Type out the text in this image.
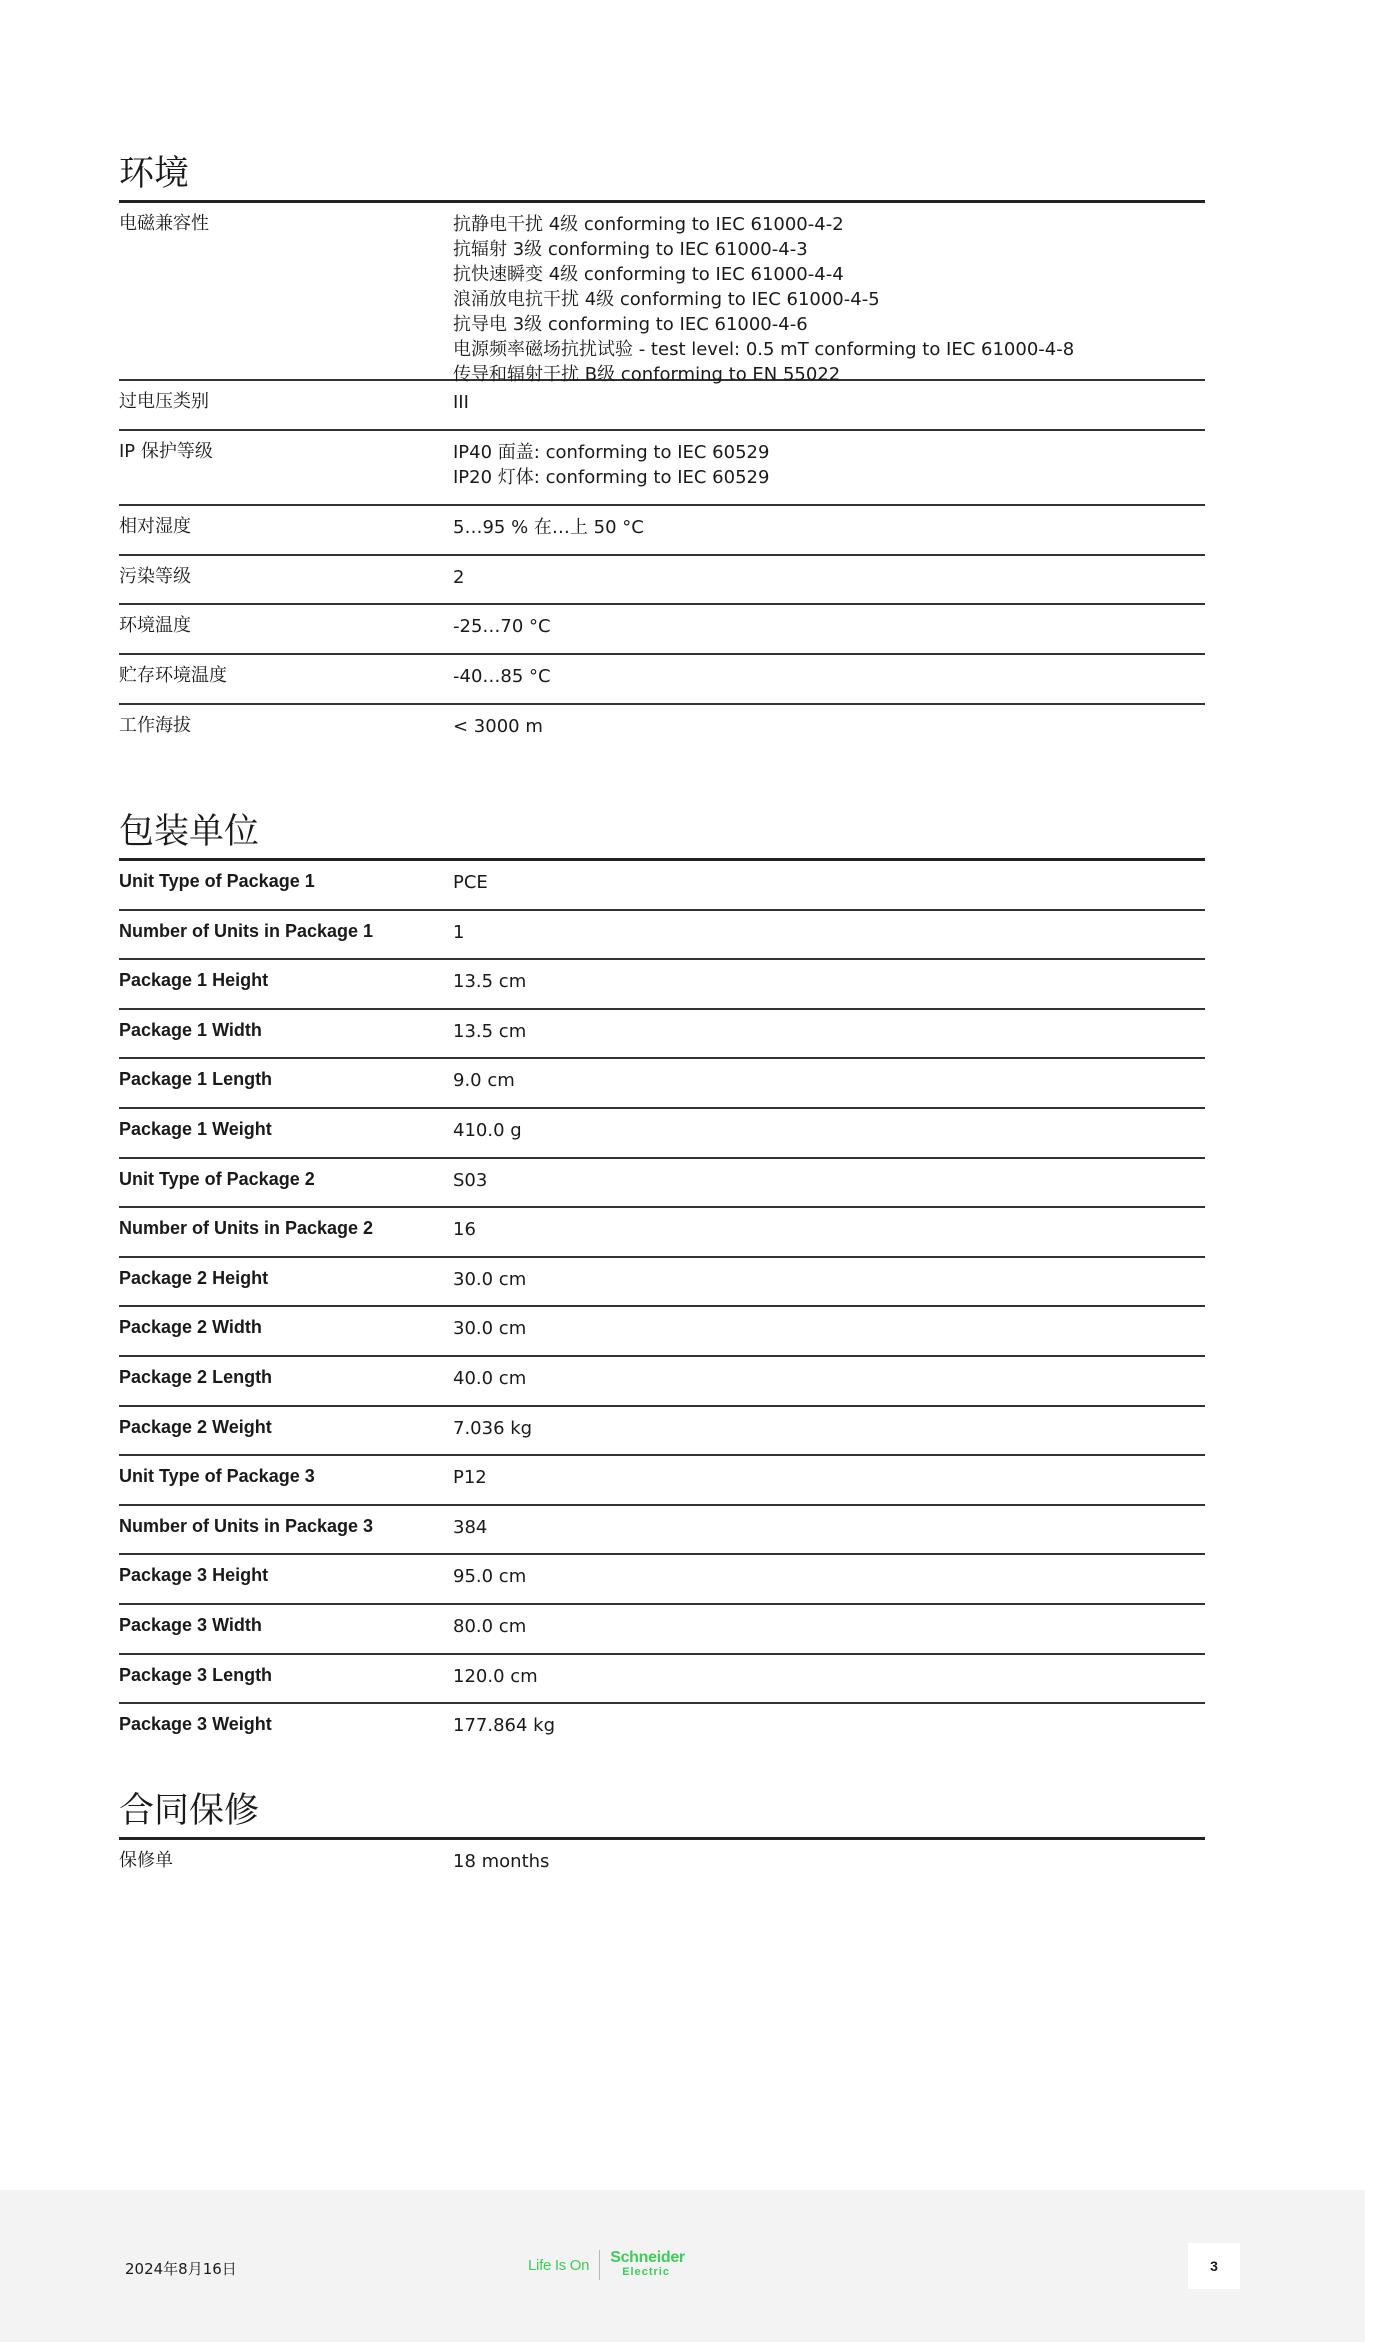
环境
电磁兼容性	抗静电干扰 4级 conforming to IEC 61000-4-2
抗辐射 3级 conforming to IEC 61000-4-3
抗快速瞬变 4级 conforming to IEC 61000-4-4
浪涌放电抗干扰 4级 conforming to IEC 61000-4-5
抗导电 3级 conforming to IEC 61000-4-6
电源频率磁场抗扰试验 - test level: 0.5 mT conforming to IEC 61000-4-8
传导和辐射干扰 B级 conforming to EN 55022
过电压类别	III
IP 保护等级	IP40 面盖: conforming to IEC 60529
IP20 灯体: conforming to IEC 60529
相对湿度	5…95 % 在…上 50 °C
污染等级	2
环境温度	-25…70 °C
贮存环境温度	-40…85 °C
工作海拔	< 3000 m
包装单位
Unit Type of Package 1	PCE
Number of Units in Package 1	1
Package 1 Height	13.5 cm
Package 1 Width	13.5 cm
Package 1 Length	9.0 cm
Package 1 Weight	410.0 g
Unit Type of Package 2	S03
Number of Units in Package 2	16
Package 2 Height	30.0 cm
Package 2 Width	30.0 cm
Package 2 Length	40.0 cm
Package 2 Weight	7.036 kg
Unit Type of Package 3	P12
Number of Units in Package 3	384
Package 3 Height	95.0 cm
Package 3 Width	80.0 cm
Package 3 Length	120.0 cm
Package 3 Weight	177.864 kg
合同保修
保修单	18 months
2024年8月16日	Life Is On Schneider
Electric	3
